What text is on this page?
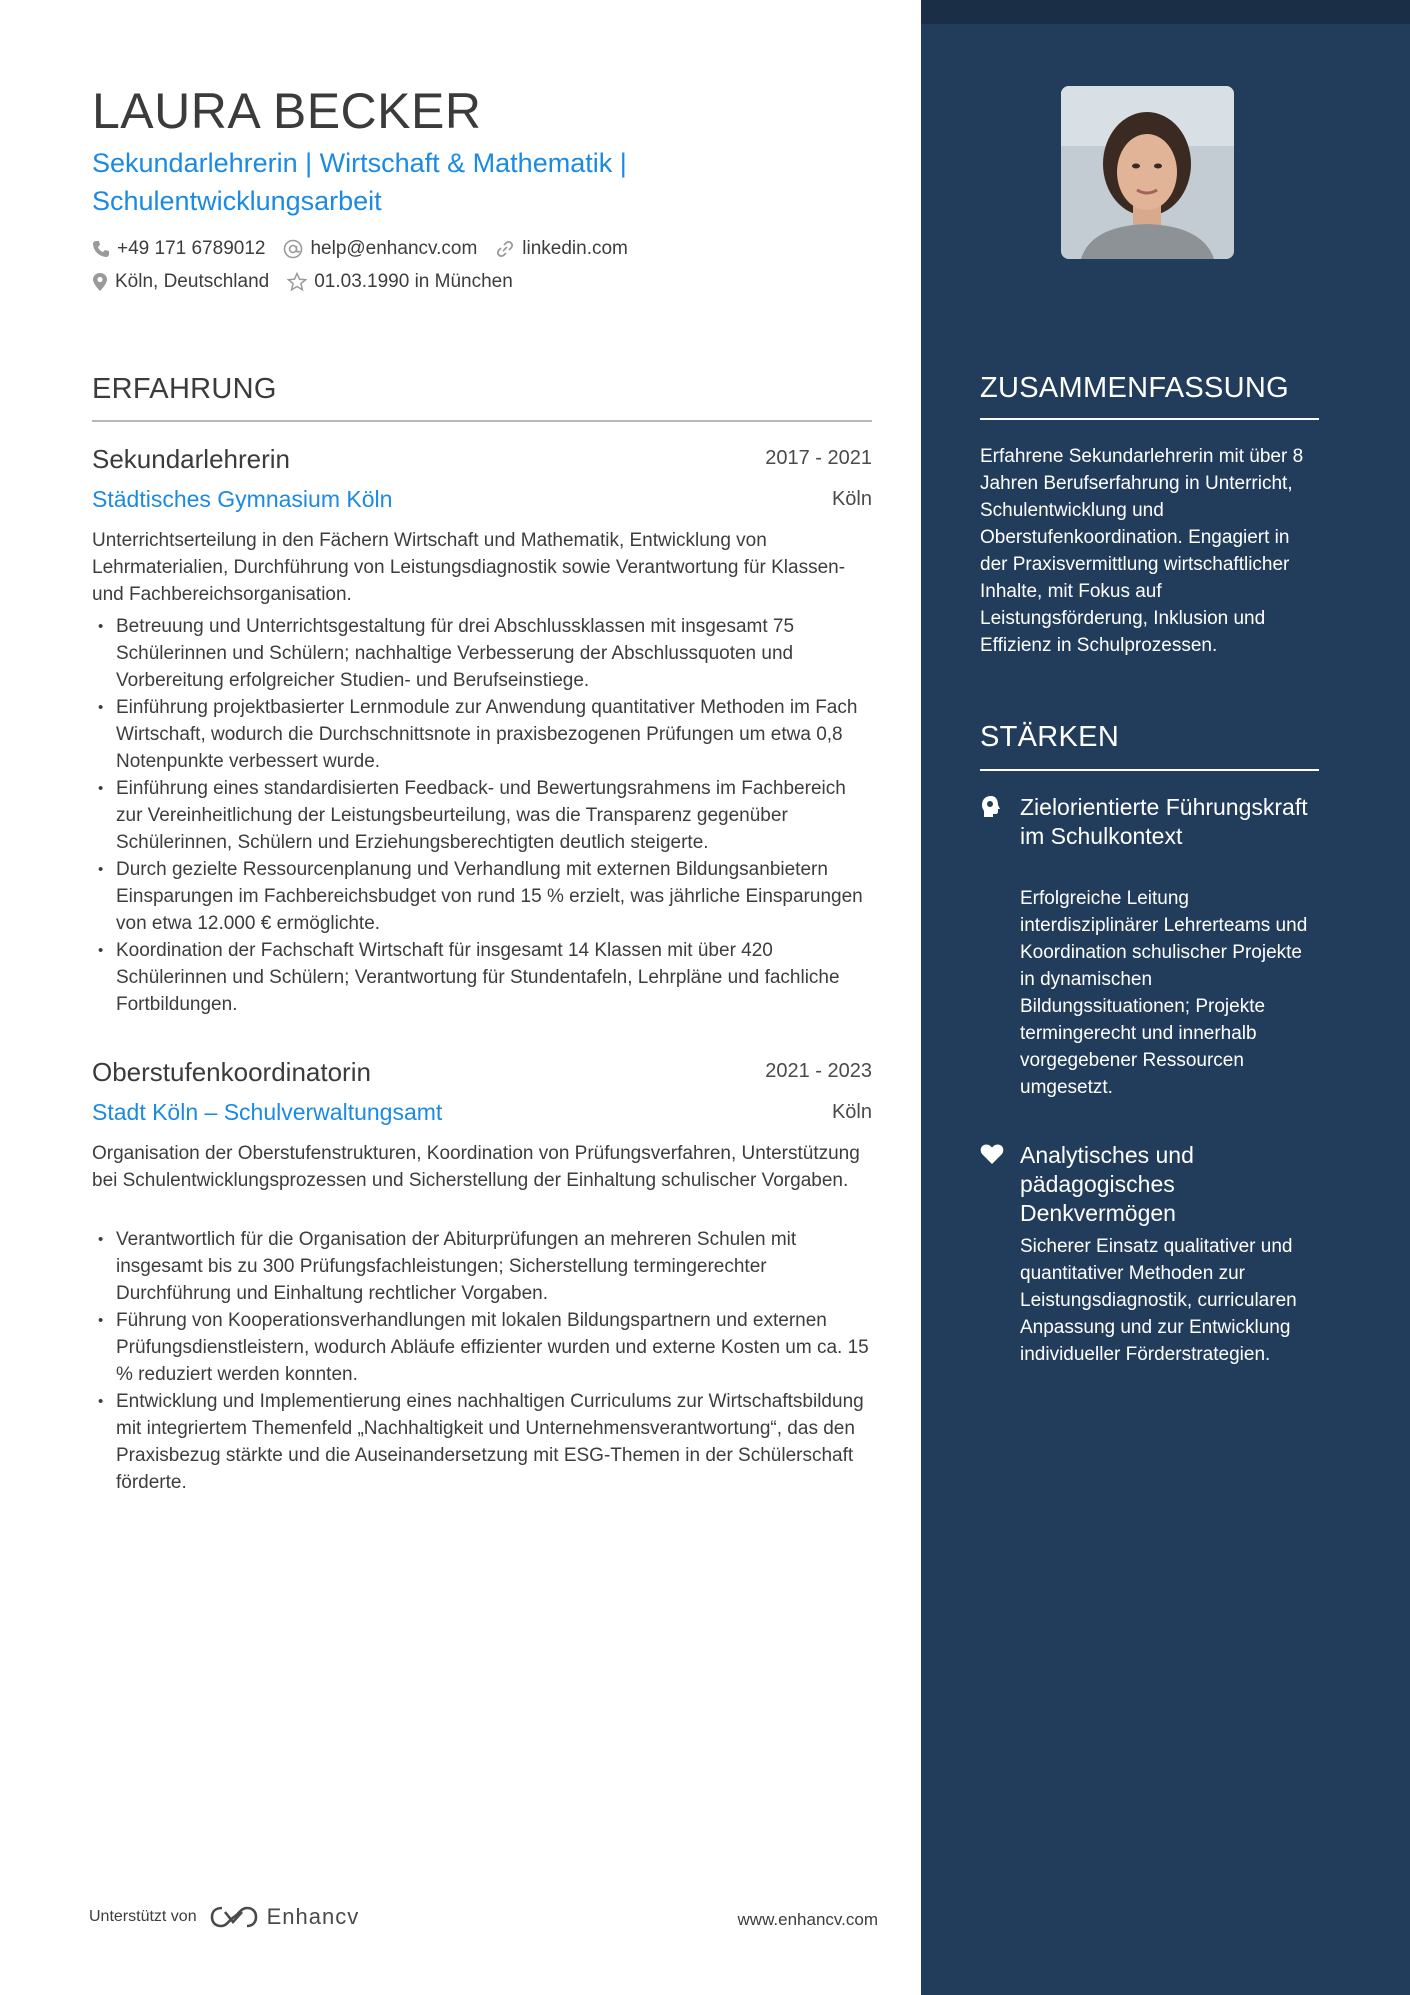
ZUSAMMENFASSUNG
Erfahrene Sekundarlehrerin mit über 8 Jahren Berufserfahrung in Unterricht, Schulentwicklung und Oberstufenkoordination. Engagiert in der Praxisvermittlung wirtschaftlicher Inhalte, mit Fokus auf Leistungsförderung, Inklusion und Effizienz in Schulprozessen.
STÄRKEN
Zielorientierte Führungskraft im Schulkontext
Erfolgreiche Leitung interdisziplinärer Lehrerteams und Koordination schulischer Projekte in dynamischen Bildungssituationen; Projekte termingerecht und innerhalb vorgegebener Ressourcen umgesetzt.
Analytisches und pädagogisches Denkvermögen
Sicherer Einsatz qualitativer und quantitativer Methoden zur Leistungsdiagnostik, curricularen Anpassung und zur Entwicklung individueller Förderstrategien.
LAURA BECKER
Sekundarlehrerin | Wirtschaft & Mathematik |
Schulentwicklungsarbeit
+49 171 6789012 help@enhancv.com linkedin.com
Köln, Deutschland 01.03.1990 in München
ERFAHRUNG
Sekundarlehrerin	2017 - 2021
Städtisches Gymnasium Köln	Köln
Unterrichtserteilung in den Fächern Wirtschaft und Mathematik, Entwicklung von Lehrmaterialien, Durchführung von Leistungsdiagnostik sowie Verantwortung für Klassen- und Fachbereichsorganisation.
• Betreuung und Unterrichtsgestaltung für drei Abschlussklassen mit insgesamt 75 Schülerinnen und Schülern; nachhaltige Verbesserung der Abschlussquoten und Vorbereitung erfolgreicher Studien- und Berufseinstiege.
• Einführung projektbasierter Lernmodule zur Anwendung quantitativer Methoden im Fach Wirtschaft, wodurch die Durchschnittsnote in praxisbezogenen Prüfungen um etwa 0,8 Notenpunkte verbessert wurde.
• Einführung eines standardisierten Feedback- und Bewertungsrahmens im Fachbereich zur Vereinheitlichung der Leistungsbeurteilung, was die Transparenz gegenüber Schülerinnen, Schülern und Erziehungsberechtigten deutlich steigerte.
• Durch gezielte Ressourcenplanung und Verhandlung mit externen Bildungsanbietern Einsparungen im Fachbereichsbudget von rund 15 % erzielt, was jährliche Einsparungen von etwa 12.000 € ermöglichte.
• Koordination der Fachschaft Wirtschaft für insgesamt 14 Klassen mit über 420 Schülerinnen und Schülern; Verantwortung für Stundentafeln, Lehrpläne und fachliche Fortbildungen.
Oberstufenkoordinatorin	2021 - 2023
Stadt Köln – Schulverwaltungsamt	Köln
Organisation der Oberstufenstrukturen, Koordination von Prüfungsverfahren, Unterstützung bei Schulentwicklungsprozessen und Sicherstellung der Einhaltung schulischer Vorgaben.
• Verantwortlich für die Organisation der Abiturprüfungen an mehreren Schulen mit insgesamt bis zu 300 Prüfungsfachleistungen; Sicherstellung termingerechter Durchführung und Einhaltung rechtlicher Vorgaben.
• Führung von Kooperationsverhandlungen mit lokalen Bildungspartnern und externen Prüfungsdienstleistern, wodurch Abläufe effizienter wurden und externe Kosten um ca. 15 % reduziert werden konnten.
• Entwicklung und Implementierung eines nachhaltigen Curriculums zur Wirtschaftsbildung mit integriertem Themenfeld „Nachhaltigkeit und Unternehmensverantwortung“, das den Praxisbezug stärkte und die Auseinandersetzung mit ESG-Themen in der Schülerschaft förderte.
Unterstützt von	Enhancv	www.enhancv.com
